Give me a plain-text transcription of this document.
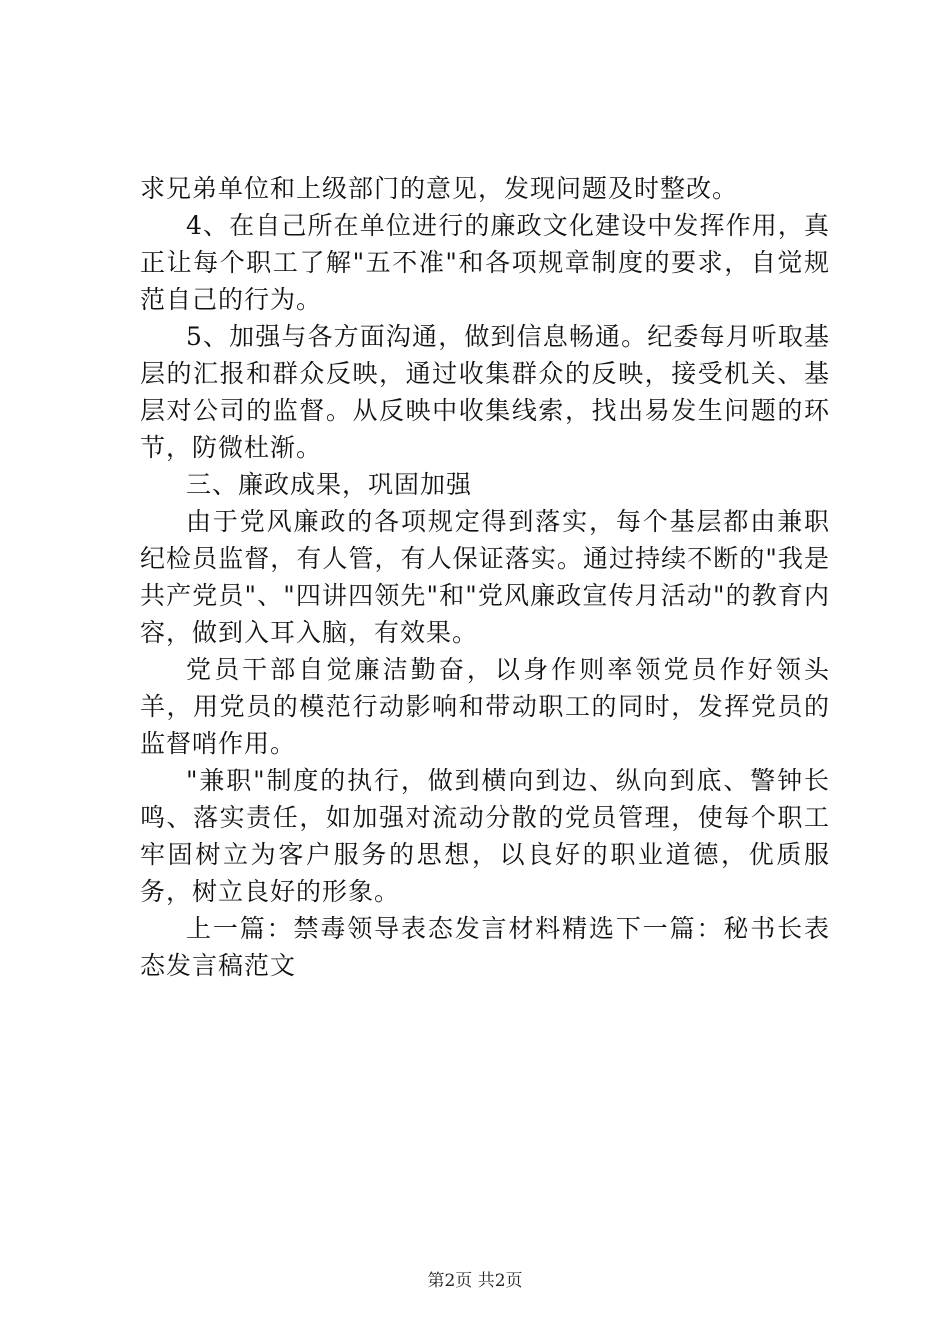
求兄弟单位和上级部门的意见，发现问题及时整改。

4、在自己所在单位进行的廉政文化建设中发挥作用，真正让每个职工了解"五不准"和各项规章制度的要求，自觉规范自己的行为。

5、加强与各方面沟通，做到信息畅通。纪委每月听取基层的汇报和群众反映，通过收集群众的反映，接受机关、基层对公司的监督。从反映中收集线索，找出易发生问题的环节，防微杜渐。

三、廉政成果，巩固加强

由于党风廉政的各项规定得到落实，每个基层都由兼职纪检员监督，有人管，有人保证落实。通过持续不断的"我是共产党员"、"四讲四领先"和"党风廉政宣传月活动"的教育内容，做到入耳入脑，有效果。

党员干部自觉廉洁勤奋，以身作则率领党员作好领头羊，用党员的模范行动影响和带动职工的同时，发挥党员的监督哨作用。

"兼职"制度的执行，做到横向到边、纵向到底、警钟长鸣、落实责任，如加强对流动分散的党员管理，使每个职工牢固树立为客户服务的思想，以良好的职业道德，优质服务，树立良好的形象。

上一篇：禁毒领导表态发言材料精选下一篇：秘书长表态发言稿范文

第2页 共2页
